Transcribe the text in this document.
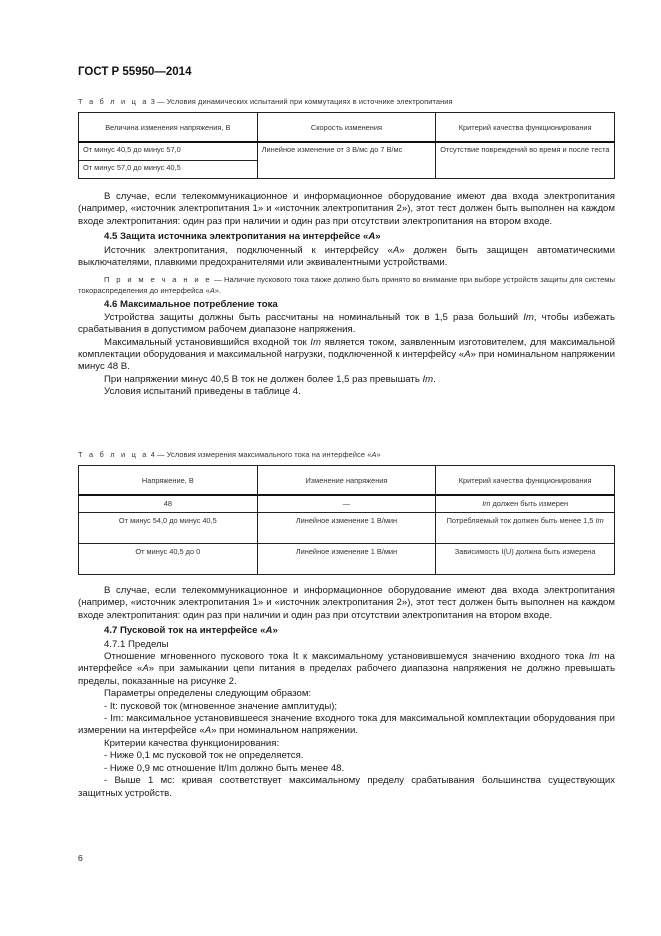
ГОСТ Р 55950—2014
Т а б л и ц а 3 — Условия динамических испытаний при коммутациях в источнике электропитания
Величина изменения напряжения, В	Скорость изменения	Критерий качества функционирования
От минус 40,5 до минус 57,0	Линейное изменение от 3 В/мс до 7 В/мс	Отсутствие повреждений во время и после теста
От минус 57,0 до минус 40,5		

В случае, если телекоммуникационное и информационное оборудование имеют два входа электропитания (например, «источник электропитания 1» и «источник электропитания 2»), этот тест должен быть выполнен на каждом входе электропитания: один раз при наличии и один раз при отсутствии электропитания на втором входе.

4.5 Защита источника электропитания на интерфейсе «А»

Источник электропитания, подключенный к интерфейсу «А» должен быть защищен автоматическими выключателями, плавкими предохранителями или эквивалентными устройствами.

П р и м е ч а н и е — Наличие пускового тока также должно быть принято во внимание при выборе устройств защиты для системы токораспределения до интерфейса «А».

4.6 Максимальное потребление тока

Устройства защиты должны быть рассчитаны на номинальный ток в 1,5 раза больший Im, чтобы избежать срабатывания в допустимом рабочем диапазоне напряжения.

Максимальный установившийся входной ток Im является током, заявленным изготовителем, для максимальной комплектации оборудования и максимальной нагрузки, подключенной к интерфейсу «А» при номинальном напряжении минус 48 В.

При напряжении минус 40,5 В ток не должен более 1,5 раз превышать Im.

Условия испытаний приведены в таблице 4.

Т а б л и ц а 4 — Условия измерения максимального тока на интерфейсе «А»
Напряжение, В	Изменение напряжения	Критерий качества функционирования
48	—	Im должен быть измерен
От минус 54,0 до минус 40,5	Линейное изменение 1 В/мин	Потребляемый ток должен быть менее 1,5 Im
От минус 40,5 до 0	Линейное изменение 1 В/мин	Зависимость I(U) должна быть измерена

В случае, если телекоммуникационное и информационное оборудование имеют два входа электропитания (например, «источник электропитания 1» и «источник электропитания 2»), этот тест должен быть выполнен на каждом входе электропитания: один раз при наличии и один раз при отсутствии электропитания на втором входе.

4.7 Пусковой ток на интерфейсе «А»

4.7.1 Пределы

Отношение мгновенного пускового тока It к максимальному установившемуся значению входного тока Im на интерфейсе «А» при замыкании цепи питания в пределах рабочего диапазона напряжения не должно превышать пределы, показанные на рисунке 2.

Параметры определены следующим образом:

- It: пусковой ток (мгновенное значение амплитуды);

- Im: максимальное установившееся значение входного тока для максимальной комплектации оборудования при измерении на интерфейсе «А» при номинальном напряжении.

Критерии качества функционирования:

- Ниже 0,1 мс пусковой ток не определяется.

- Ниже 0,9 мс отношение It/Im должно быть менее 48.

- Выше 1 мс: кривая соответствует максимальному пределу срабатывания большинства существующих защитных устройств.

6
